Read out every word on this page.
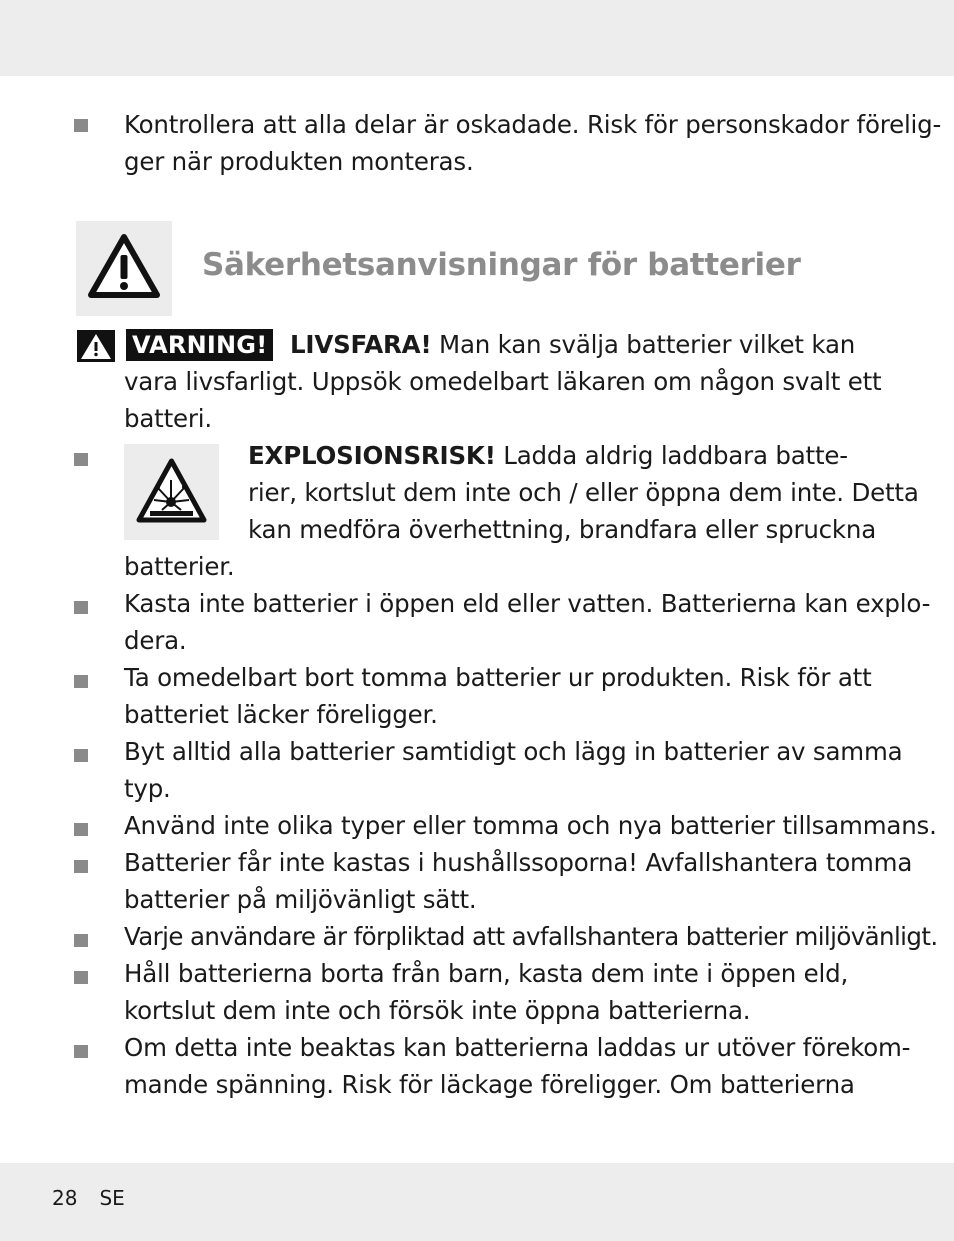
Kontrollera att alla delar är oskadade. Risk för personskador förelig-
ger när produkten monteras.
Säkerhetsanvisningar för batterier
VARNING! LIVSFARA! Man kan svälja batterier vilket kan
vara livsfarligt. Uppsök omedelbart läkaren om någon svalt ett
batteri.
EXPLOSIONSRISK! Ladda aldrig laddbara batte-
rier, kortslut dem inte och / eller öppna dem inte. Detta
kan medföra överhettning, brandfara eller spruckna
batterier.
Kasta inte batterier i öppen eld eller vatten. Batterierna kan explo-
dera.
Ta omedelbart bort tomma batterier ur produkten. Risk för att
batteriet läcker föreligger.
Byt alltid alla batterier samtidigt och lägg in batterier av samma
typ.
Använd inte olika typer eller tomma och nya batterier tillsammans.
Batterier får inte kastas i hushållssoporna! Avfallshantera tomma
batterier på miljövänligt sätt.
Varje användare är förpliktad att avfallshantera batterier miljövänligt.
Håll batterierna borta från barn, kasta dem inte i öppen eld,
kortslut dem inte och försök inte öppna batterierna.
Om detta inte beaktas kan batterierna laddas ur utöver förekom-
mande spänning. Risk för läckage föreligger. Om batterierna
28 SE
